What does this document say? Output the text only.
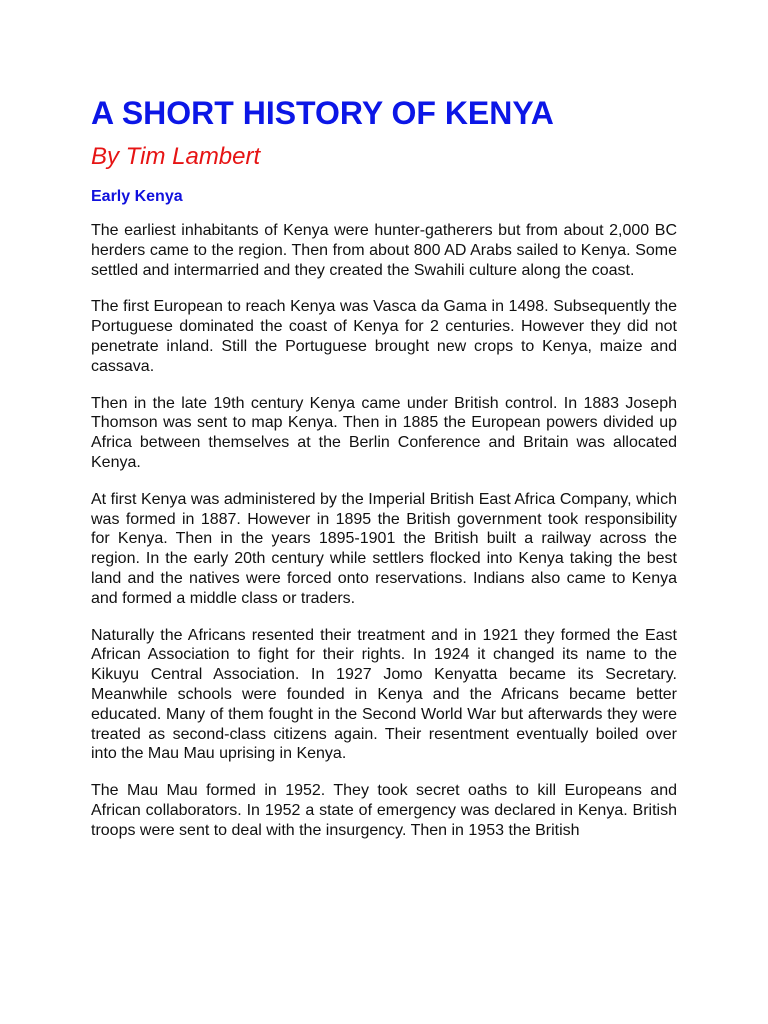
A SHORT HISTORY OF KENYA
By Tim Lambert
Early Kenya

The earliest inhabitants of Kenya were hunter-gatherers but from about 2,000 BC herders came to the region. Then from about 800 AD Arabs sailed to Kenya. Some settled and intermarried and they created the Swahili culture along the coast.

The first European to reach Kenya was Vasca da Gama in 1498. Subsequently the Portuguese dominated the coast of Kenya for 2 centuries. However they did not penetrate inland. Still the Portuguese brought new crops to Kenya, maize and cassava.

Then in the late 19th century Kenya came under British control. In 1883 Joseph Thomson was sent to map Kenya. Then in 1885 the European powers divided up Africa between themselves at the Berlin Conference and Britain was allocated Kenya.

At first Kenya was administered by the Imperial British East Africa Company, which was formed in 1887. However in 1895 the British government took responsibility for Kenya. Then in the years 1895-1901 the British built a railway across the region. In the early 20th century while settlers flocked into Kenya taking the best land and the natives were forced onto reservations. Indians also came to Kenya and formed a middle class or traders.

Naturally the Africans resented their treatment and in 1921 they formed the East African Association to fight for their rights. In 1924 it changed its name to the Kikuyu Central Association. In 1927 Jomo Kenyatta became its Secretary. Meanwhile schools were founded in Kenya and the Africans became better educated. Many of them fought in the Second World War but afterwards they were treated as second-class citizens again. Their resentment eventually boiled over into the Mau Mau uprising in Kenya.

The Mau Mau formed in 1952. They took secret oaths to kill Europeans and African collaborators. In 1952 a state of emergency was declared in Kenya. British troops were sent to deal with the insurgency. Then in 1953 the British
